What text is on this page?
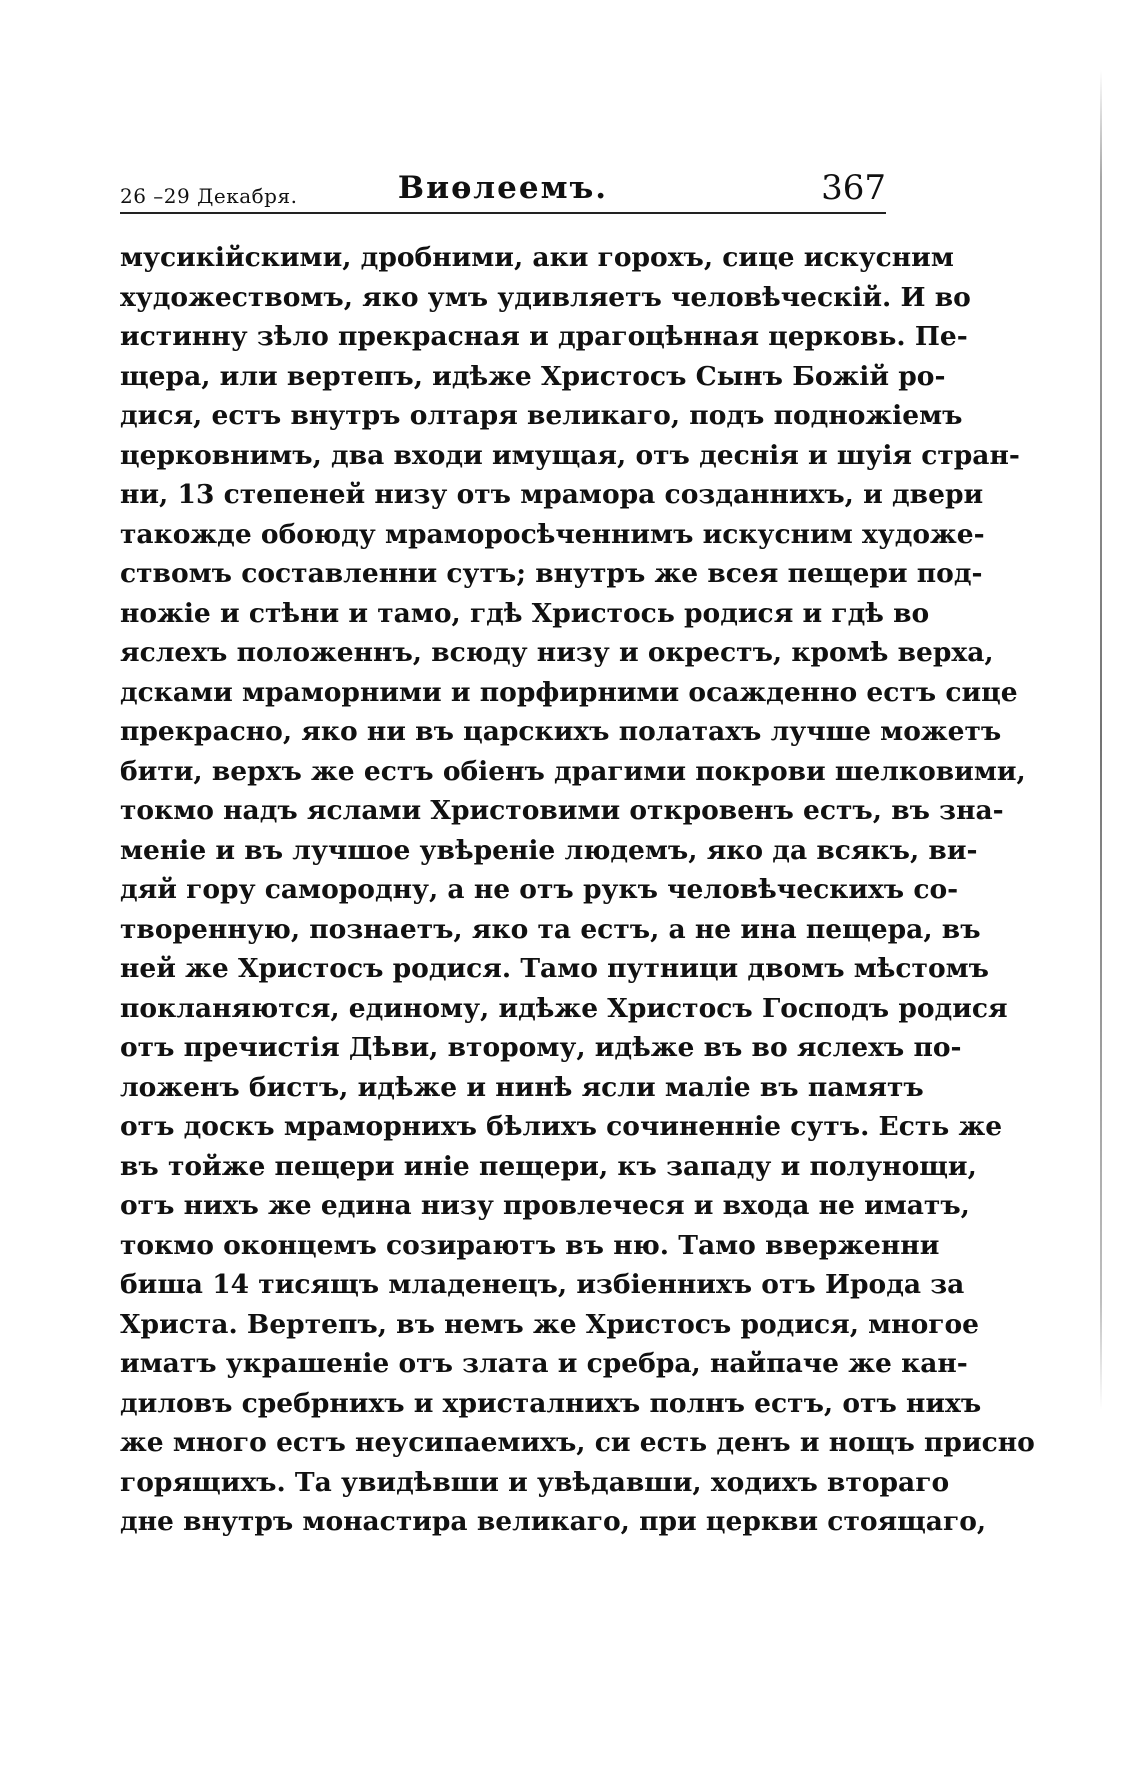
26 –29 Декабря.	Виѳлеемъ.	367
мусикійскими, дробними, аки горохъ, сице искусним
художествомъ, яко умъ удивляетъ человѣческій. И во
истинну зѣло прекрасная и драгоцѣнная церковь. Пе-
щера, или вертепъ, идѣже Христосъ Сынъ Божій ро-
дися, естъ внутръ олтаря великаго, подъ подножіемъ
церковнимъ, два входи имущая, отъ деснія и шуія стран-
ни, 13 степеней низу отъ мрамора созданнихъ, и двери
такожде обоюду мраморосѣченнимъ искусним художе-
ствомъ составленни сутъ; внутръ же всея пещери под-
ножіе и стѣни и тамо, гдѣ Христось родися и гдѣ во
яслехъ положеннъ, всюду низу и окрестъ, кромѣ верха,
дсками мраморними и порфирними осажденно естъ сице
прекрасно, яко ни въ царскихъ полатахъ лучше можетъ
бити, верхъ же естъ обіенъ драгими покрови шелковими,
токмо надъ яслами Христовими откровенъ естъ, въ зна-
меніе и въ лучшое увѣреніе людемъ, яко да всякъ, ви-
дяй гору самородну, а не отъ рукъ человѣческихъ со-
творенную, познаетъ, яко та естъ, а не ина пещера, въ
ней же Христосъ родися. Тамо путници двомъ мѣстомъ
покланяются, единому, идѣже Христосъ Господъ родися
отъ пречистія Дѣви, второму, идѣже въ во яслехъ по-
ложенъ бистъ, идѣже и нинѣ ясли маліе въ памятъ
отъ доскъ мраморнихъ бѣлихъ сочиненніе сутъ. Есть же
въ тойже пещери иніе пещери, къ западу и полунощи,
отъ нихъ же едина низу провлечеся и входа не иматъ,
токмо оконцемъ созираютъ въ ню. Тамо вверженни
биша 14 тисящъ младенецъ, избіеннихъ отъ Ирода за
Христа. Вертепъ, въ немъ же Христосъ родися, многое
иматъ украшеніе отъ злата и сребра, найпаче же кан-
диловъ сребрнихъ и христалнихъ полнъ естъ, отъ нихъ
же много естъ неусипаемихъ, си есть денъ и нощъ присно
горящихъ. Та увидѣвши и увѣдавши, ходихъ втораго
дне внутръ монастира великаго, при церкви стоящаго,
